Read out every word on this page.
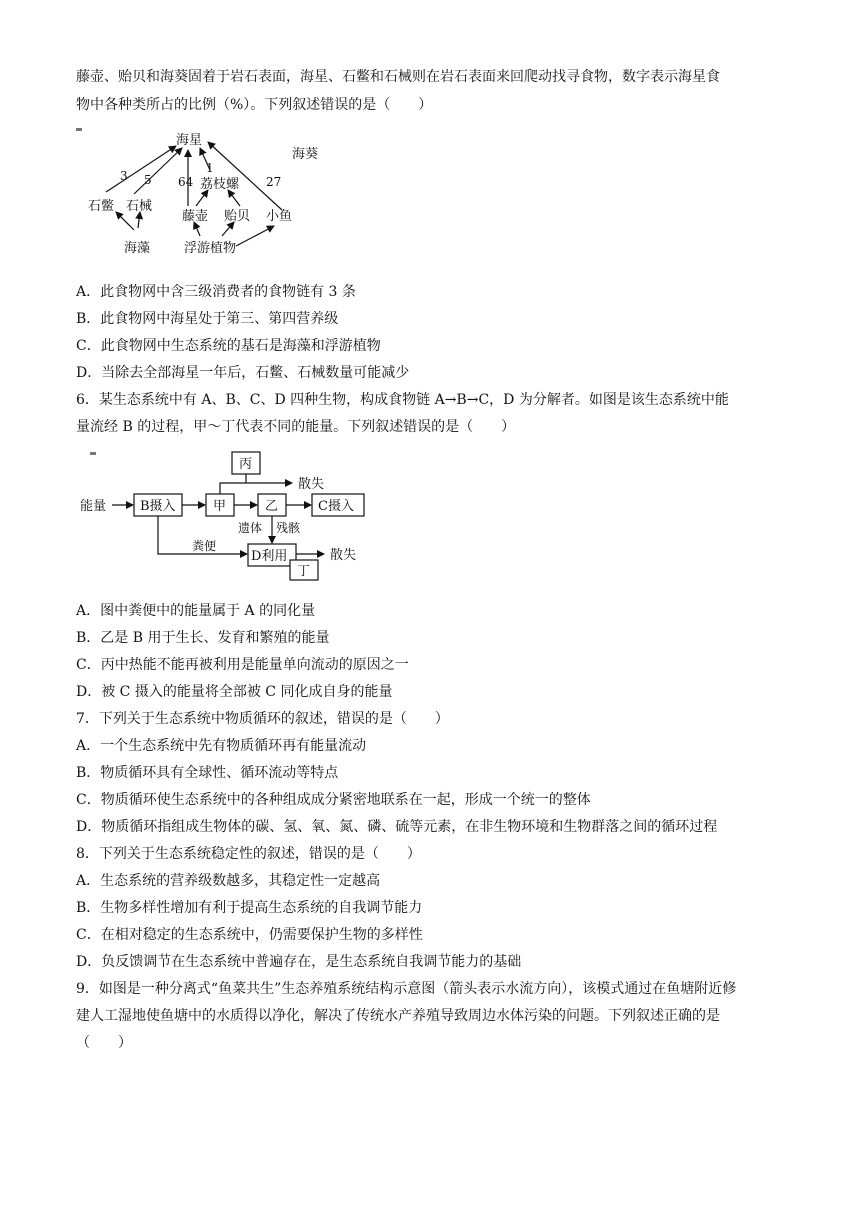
藤壶、贻贝和海葵固着于岩石表面，海星、石鳖和石械则在岩石表面来回爬动找寻食物，数字表示海星食
物中各种类所占的比例（%）。下列叙述错误的是（　　）
海星
海葵
3 5
1
64	27
荔枝螺
石鳖 石械
藤壶 贻贝 小鱼
海藻	浮游植物
A．此食物网中含三级消费者的食物链有 3 条
B．此食物网中海星处于第三、第四营养级
C．此食物网中生态系统的基石是海藻和浮游植物
D．当除去全部海星一年后，石鳖、石械数量可能减少
6．某生态系统中有 A、B、C、D 四种生物，构成食物链 A→B→C，D 为分解者。如图是该生态系统中能
量流经 B 的过程，甲～丁代表不同的能量。下列叙述错误的是（　　）
能量	B摄入	甲
丙
散失
乙	C摄入
遗体 残骸
粪便
D利用	散失
丁
A．图中粪便中的能量属于 A 的同化量
B．乙是 B 用于生长、发育和繁殖的能量
C．丙中热能不能再被利用是能量单向流动的原因之一
D．被 C 摄入的能量将全部被 C 同化成自身的能量
7．下列关于生态系统中物质循环的叙述，错误的是（　　）
A．一个生态系统中先有物质循环再有能量流动
B．物质循环具有全球性、循环流动等特点
C．物质循环使生态系统中的各种组成成分紧密地联系在一起，形成一个统一的整体
D．物质循环指组成生物体的碳、氢、氧、氮、磷、硫等元素，在非生物环境和生物群落之间的循环过程
8．下列关于生态系统稳定性的叙述，错误的是（　　）
A．生态系统的营养级数越多，其稳定性一定越高
B．生物多样性增加有利于提高生态系统的自我调节能力
C．在相对稳定的生态系统中，仍需要保护生物的多样性
D．负反馈调节在生态系统中普遍存在，是生态系统自我调节能力的基础
9．如图是一种分离式“鱼菜共生”生态养殖系统结构示意图（箭头表示水流方向），该模式通过在鱼塘附近修
建人工湿地使鱼塘中的水质得以净化，解决了传统水产养殖导致周边水体污染的问题。下列叙述正确的是
（　　）
